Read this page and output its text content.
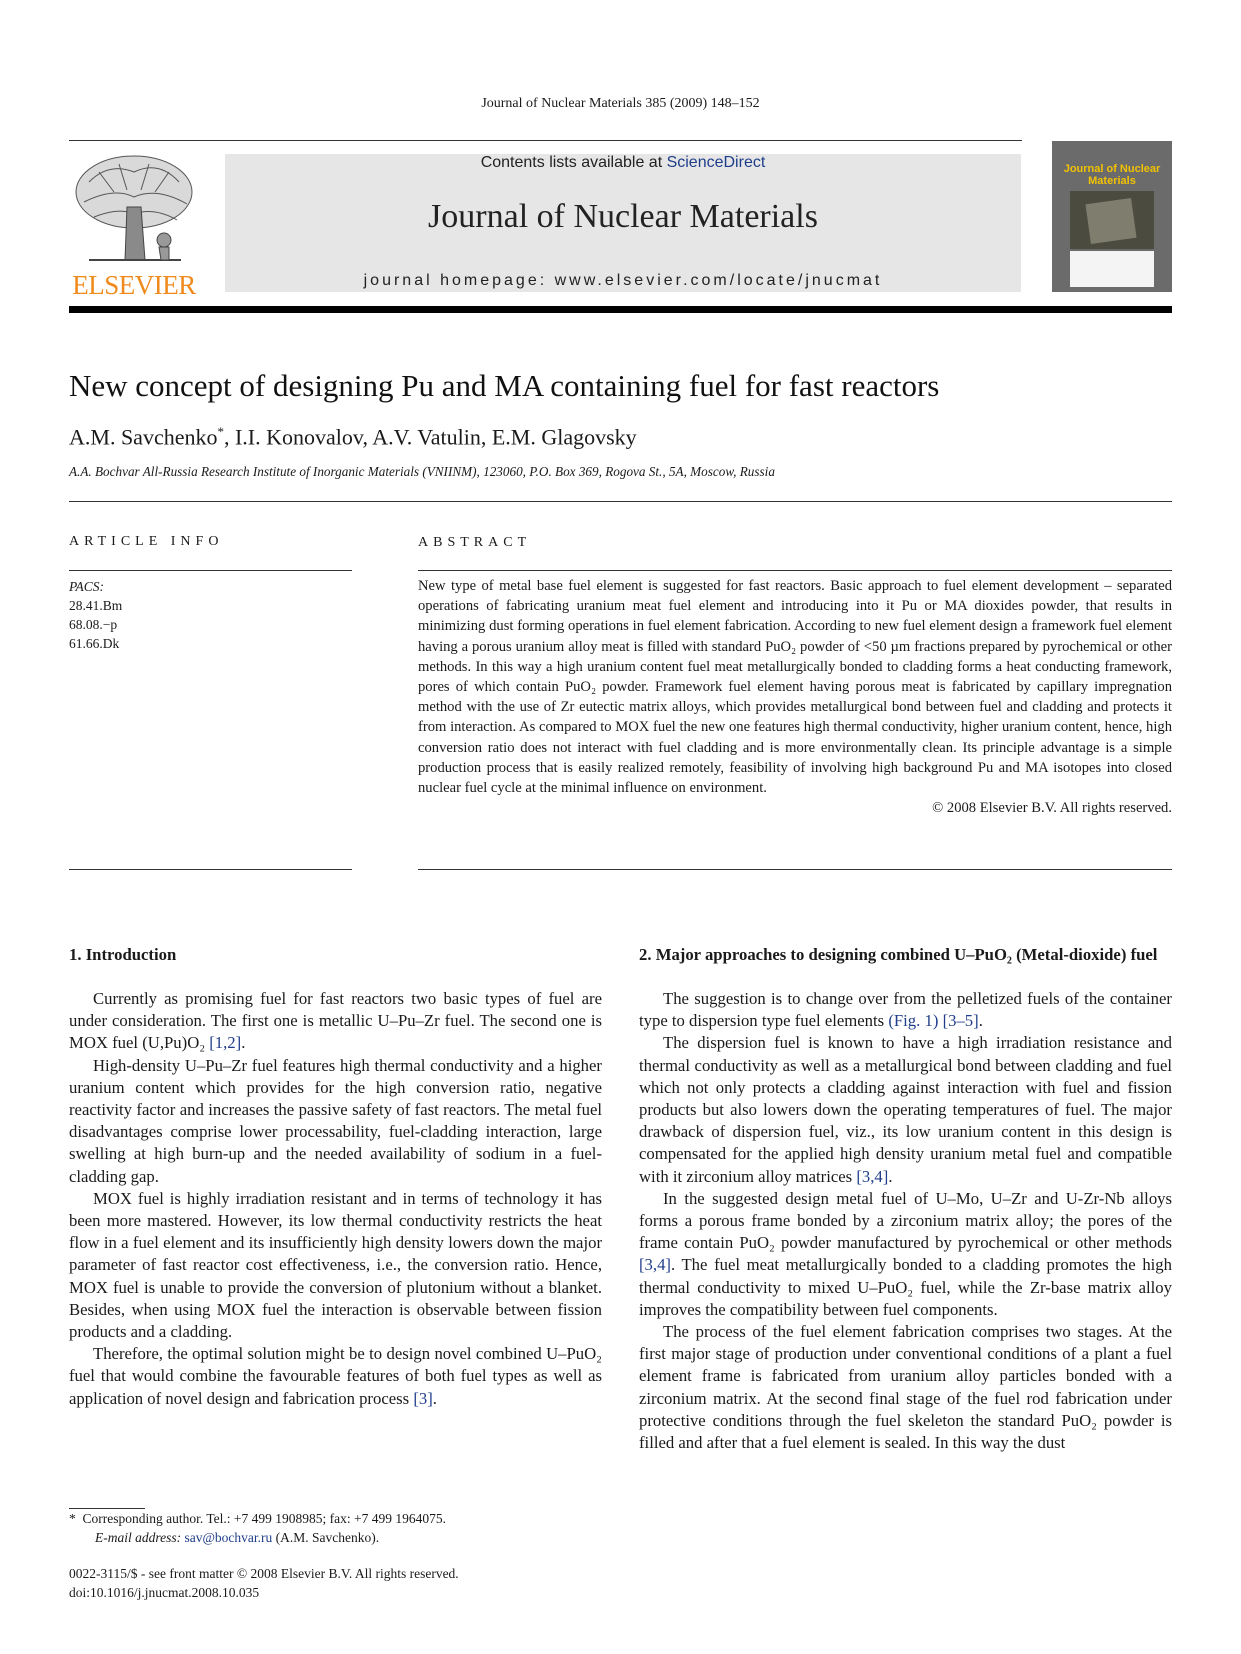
Journal of Nuclear Materials 385 (2009) 148–152
ELSEVIER
Contents lists available at ScienceDirect
Journal of Nuclear Materials
journal homepage: www.elsevier.com/locate/jnucmat
Journal of Nuclear Materials
New concept of designing Pu and MA containing fuel for fast reactors
A.M. Savchenko*, I.I. Konovalov, A.V. Vatulin, E.M. Glagovsky
A.A. Bochvar All-Russia Research Institute of Inorganic Materials (VNIINM), 123060, P.O. Box 369, Rogova St., 5A, Moscow, Russia
ARTICLE INFO	ABSTRACT
PACS:
28.41.Bm
68.08.−p
61.66.Dk
New type of metal base fuel element is suggested for fast reactors. Basic approach to fuel element development – separated operations of fabricating uranium meat fuel element and introducing into it Pu or MA dioxides powder, that results in minimizing dust forming operations in fuel element fabrication. According to new fuel element design a framework fuel element having a porous uranium alloy meat is filled with standard PuO₂ powder of <50 µm fractions prepared by pyrochemical or other methods. In this way a high uranium content fuel meat metallurgically bonded to cladding forms a heat conducting framework, pores of which contain PuO₂ powder. Framework fuel element having porous meat is fabricated by capillary impregnation method with the use of Zr eutectic matrix alloys, which provides metallurgical bond between fuel and cladding and protects it from interaction. As compared to MOX fuel the new one features high thermal conductivity, higher uranium content, hence, high conversion ratio does not interact with fuel cladding and is more environmentally clean. Its principle advantage is a simple production process that is easily realized remotely, feasibility of involving high background Pu and MA isotopes into closed nuclear fuel cycle at the minimal influence on environment.
© 2008 Elsevier B.V. All rights reserved.
1. Introduction

Currently as promising fuel for fast reactors two basic types of fuel are under consideration. The first one is metallic U–Pu–Zr fuel. The second one is MOX fuel (U,Pu)O₂ [1,2].

High-density U–Pu–Zr fuel features high thermal conductivity and a higher uranium content which provides for the high conversion ratio, negative reactivity factor and increases the passive safety of fast reactors. The metal fuel disadvantages comprise lower processability, fuel-cladding interaction, large swelling at high burn-up and the needed availability of sodium in a fuel-cladding gap.

MOX fuel is highly irradiation resistant and in terms of technology it has been more mastered. However, its low thermal conductivity restricts the heat flow in a fuel element and its insufficiently high density lowers down the major parameter of fast reactor cost effectiveness, i.e., the conversion ratio. Hence, MOX fuel is unable to provide the conversion of plutonium without a blanket. Besides, when using MOX fuel the interaction is observable between fission products and a cladding.

Therefore, the optimal solution might be to design novel combined U–PuO₂ fuel that would combine the favourable features of both fuel types as well as application of novel design and fabrication process [3].

2. Major approaches to designing combined U–PuO₂ (Metal-dioxide) fuel

The suggestion is to change over from the pelletized fuels of the container type to dispersion type fuel elements (Fig. 1) [3–5].

The dispersion fuel is known to have a high irradiation resistance and thermal conductivity as well as a metallurgical bond between cladding and fuel which not only protects a cladding against interaction with fuel and fission products but also lowers down the operating temperatures of fuel. The major drawback of dispersion fuel, viz., its low uranium content in this design is compensated for the applied high density uranium metal fuel and compatible with it zirconium alloy matrices [3,4].

In the suggested design metal fuel of U–Mo, U–Zr and U-Zr-Nb alloys forms a porous frame bonded by a zirconium matrix alloy; the pores of the frame contain PuO₂ powder manufactured by pyrochemical or other methods [3,4]. The fuel meat metallurgically bonded to a cladding promotes the high thermal conductivity to mixed U–PuO₂ fuel, while the Zr-base matrix alloy improves the compatibility between fuel components.

The process of the fuel element fabrication comprises two stages. At the first major stage of production under conventional conditions of a plant a fuel element frame is fabricated from uranium alloy particles bonded with a zirconium matrix. At the second final stage of the fuel rod fabrication under protective conditions through the fuel skeleton the standard PuO₂ powder is filled and after that a fuel element is sealed. In this way the dust

* Corresponding author. Tel.: +7 499 1908985; fax: +7 499 1964075.
E-mail address: sav@bochvar.ru (A.M. Savchenko).
0022-3115/$ - see front matter © 2008 Elsevier B.V. All rights reserved.
doi:10.1016/j.jnucmat.2008.10.035
